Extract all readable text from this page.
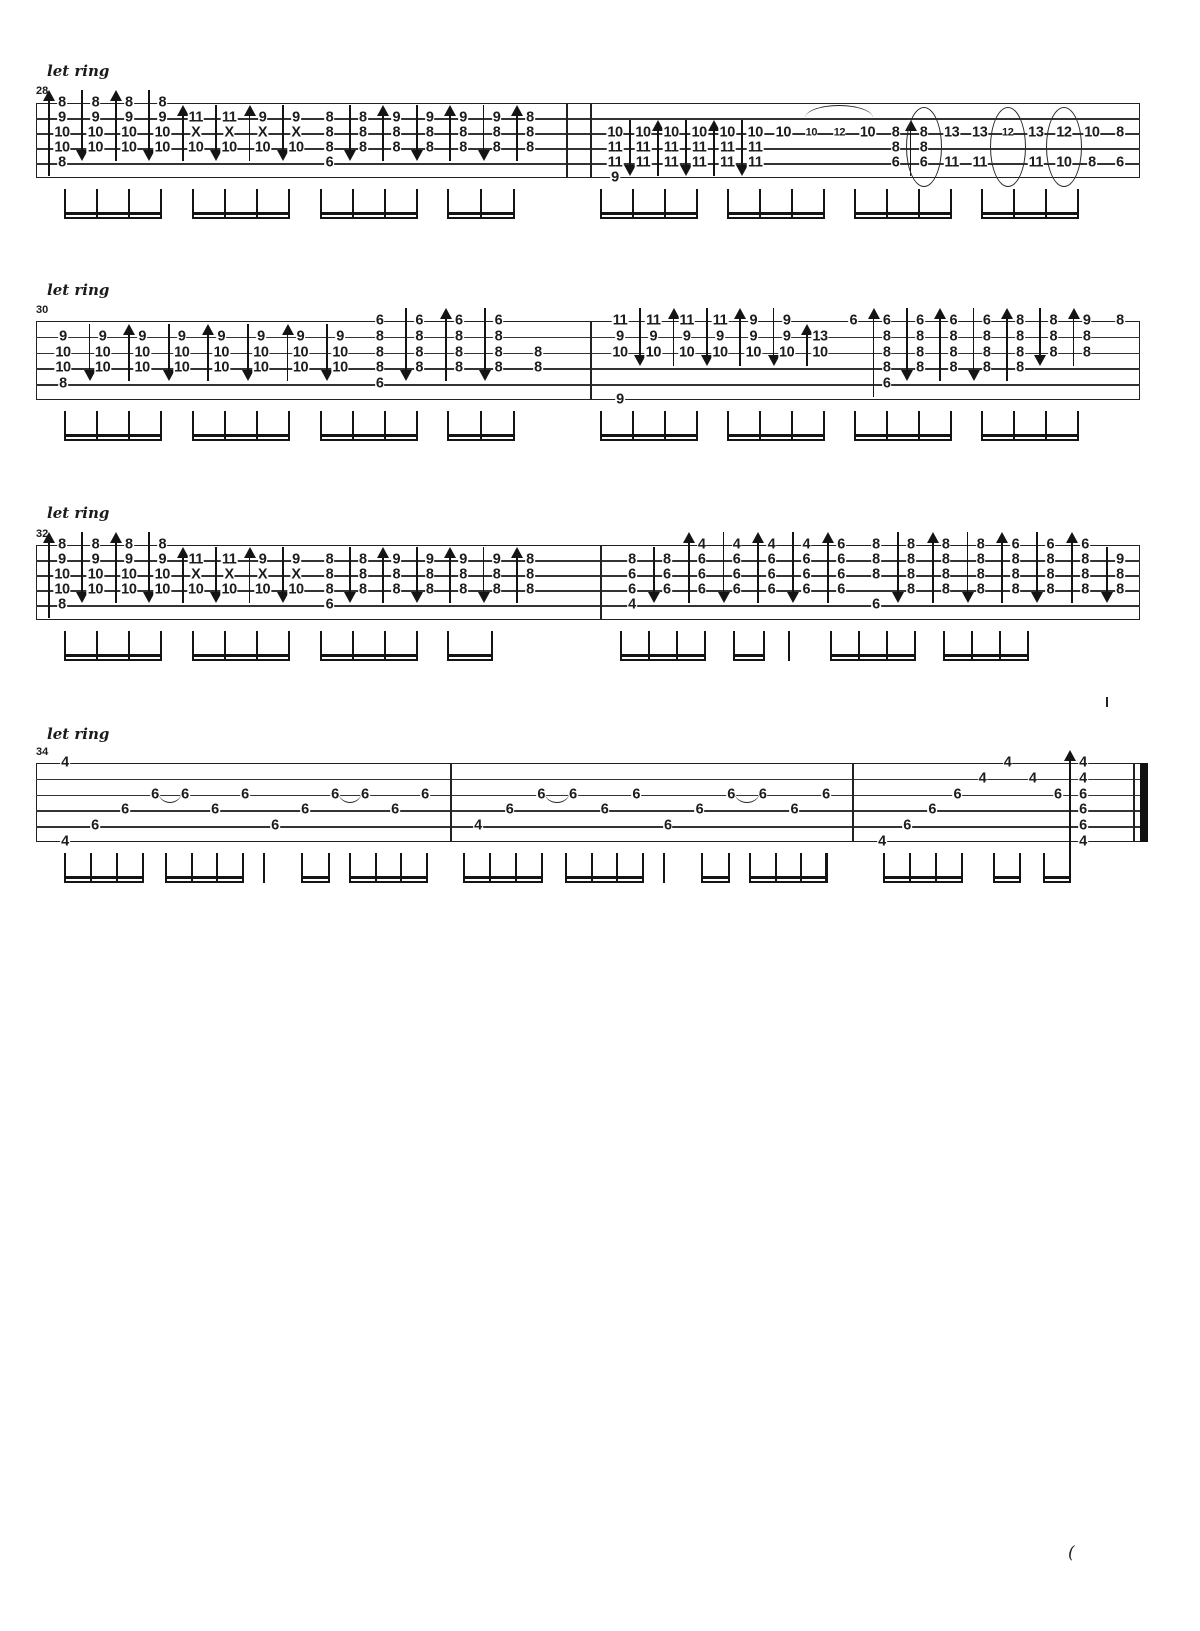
(
let ring
28
8
9
10
10
8
8
9
10
10
8
9
10
10
8
9
10
10
11
X
10
11
X
10
9
X
10
9
X
10
8
8
8
6
8
8
8
9
8
8
9
8
8
9
8
8
9
8
8
8
8
8
10
11
11
9
10
11
11
10
11
11
10
11
11
10
11
11
10
11
11
10 10 12 10 8
8
6
8
8
6
13
11
13
11
12 13
11
12
10
10
8
8
6
let ring
30
9
10
10
8
9
10
10
9
10
10
9
10
10
9
10
10
9
10
10
9
10
10
9
10
10
6
8
8
8
6
6
8
8
8
6
8
8
8
6
8
8
8
8
8
11
9
10
9
11
9
10
11
9
10
11
9
10
9
9
10
9
9
10
13
10
6 6
8
8
8
6
6
8
8
8
6
8
8
8
6
8
8
8
8
8
8
8
8
8
8
9
8
8
8
let ring
32
8
9
10
10
8
8
9
10
10
8
9
10
10
8
9
10
10
11
X
10
11
X
10
9
X
10
9
X
10
8
8
8
6
8
8
8
9
8
8
9
8
8
9
8
8
9
8
8
8
8
8
8
6
6
4
8
6
6
4
6
6
6
4
6
6
6
4
6
6
6
4
6
6
6
6
6
6
6
8
8
8
6
8
8
8
8
8
8
8
8
8
8
8
8
6
8
8
8
6
8
8
8
6
8
8
8
9
8
8
let ring
34
4
4
6
6
6 6
6
6
6
6
6 6
6
6
4
6
6 6
6
6
6
6
6 6
6
6
4
6
6
6
4
4
4
6
4
4
6
6
6
4
